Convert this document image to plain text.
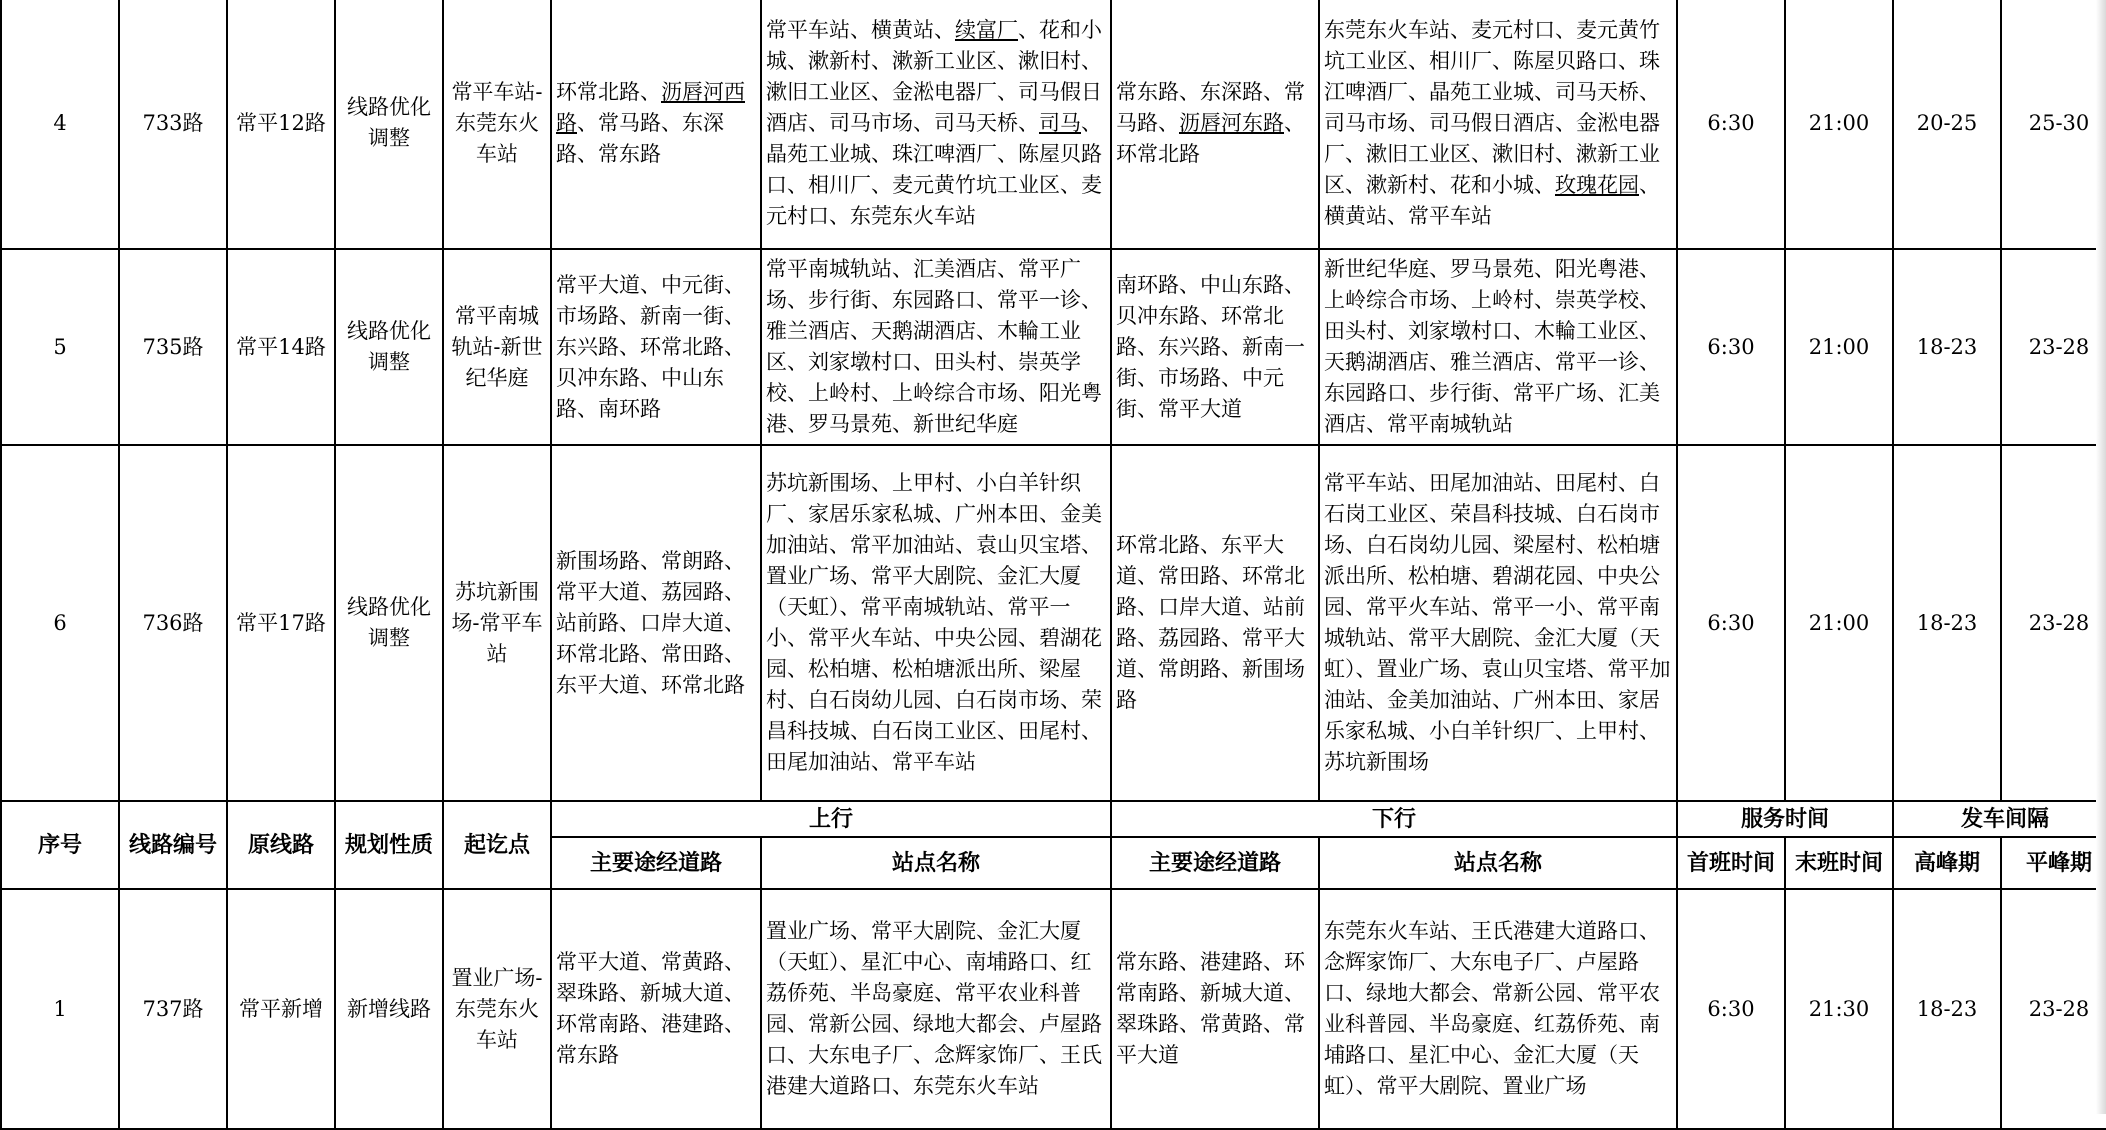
4	733路	常平12路	线路优化调整	常平车站-东莞东火车站	环常北路、沥唇河西路、常马路、东深路、常东路	常平车站、横黄站、续富厂、花和小城、漱新村、漱新工业区、漱旧村、漱旧工业区、金淞电器厂、司马假日酒店、司马市场、司马天桥、司马、晶苑工业城、珠江啤酒厂、陈屋贝路口、相川厂、麦元黄竹坑工业区、麦元村口、东莞东火车站	常东路、东深路、常马路、沥唇河东路、环常北路	东莞东火车站、麦元村口、麦元黄竹坑工业区、相川厂、陈屋贝路口、珠江啤酒厂、晶苑工业城、司马天桥、司马市场、司马假日酒店、金淞电器厂、漱旧工业区、漱旧村、漱新工业区、漱新村、花和小城、玫瑰花园、横黄站、常平车站	6:30	21:00	20-25	25-30
5	735路	常平14路	线路优化调整	常平南城轨站-新世纪华庭	常平大道、中元街、市场路、新南一街、东兴路、环常北路、贝冲东路、中山东路、南环路	常平南城轨站、汇美酒店、常平广场、步行街、东园路口、常平一诊、雅兰酒店、天鹅湖酒店、木輪工业区、刘家墩村口、田头村、崇英学校、上岭村、上岭综合市场、阳光粤港、罗马景苑、新世纪华庭	南环路、中山东路、贝冲东路、环常北路、东兴路、新南一街、市场路、中元街、常平大道	新世纪华庭、罗马景苑、阳光粤港、上岭综合市场、上岭村、崇英学校、田头村、刘家墩村口、木輪工业区、天鹅湖酒店、雅兰酒店、常平一诊、东园路口、步行街、常平广场、汇美酒店、常平南城轨站	6:30	21:00	18-23	23-28
6	736路	常平17路	线路优化调整	苏坑新围场-常平车站	新围场路、常朗路、常平大道、荔园路、站前路、口岸大道、环常北路、常田路、东平大道、环常北路	苏坑新围场、上甲村、小白羊针织厂、家居乐家私城、广州本田、金美加油站、常平加油站、袁山贝宝塔、置业广场、常平大剧院、金汇大厦（天虹）、常平南城轨站、常平一小、常平火车站、中央公园、碧湖花园、松柏塘、松柏塘派出所、梁屋村、白石岗幼儿园、白石岗市场、荣昌科技城、白石岗工业区、田尾村、田尾加油站、常平车站	环常北路、东平大道、常田路、环常北路、口岸大道、站前路、荔园路、常平大道、常朗路、新围场路	常平车站、田尾加油站、田尾村、白石岗工业区、荣昌科技城、白石岗市场、白石岗幼儿园、梁屋村、松柏塘派出所、松柏塘、碧湖花园、中央公园、常平火车站、常平一小、常平南城轨站、常平大剧院、金汇大厦（天虹）、置业广场、袁山贝宝塔、常平加油站、金美加油站、广州本田、家居乐家私城、小白羊针织厂、上甲村、苏坑新围场	6:30	21:00	18-23	23-28
序号	线路编号	原线路	规划性质	起讫点	上行		下行		服务时间		发车间隔	
					主要途经道路	站点名称	主要途经道路	站点名称	首班时间	末班时间	高峰期	平峰期
1	737路	常平新增	新增线路	置业广场-东莞东火车站	常平大道、常黄路、翠珠路、新城大道、环常南路、港建路、常东路	置业广场、常平大剧院、金汇大厦（天虹）、星汇中心、南埔路口、红荔侨苑、半岛豪庭、常平农业科普园、常新公园、绿地大都会、卢屋路口、大东电子厂、念辉家饰厂、王氏港建大道路口、东莞东火车站	常东路、港建路、环常南路、新城大道、翠珠路、常黄路、常平大道	东莞东火车站、王氏港建大道路口、念辉家饰厂、大东电子厂、卢屋路口、绿地大都会、常新公园、常平农业科普园、半岛豪庭、红荔侨苑、南埔路口、星汇中心、金汇大厦（天虹）、常平大剧院、置业广场	6:30	21:30	18-23	23-28
